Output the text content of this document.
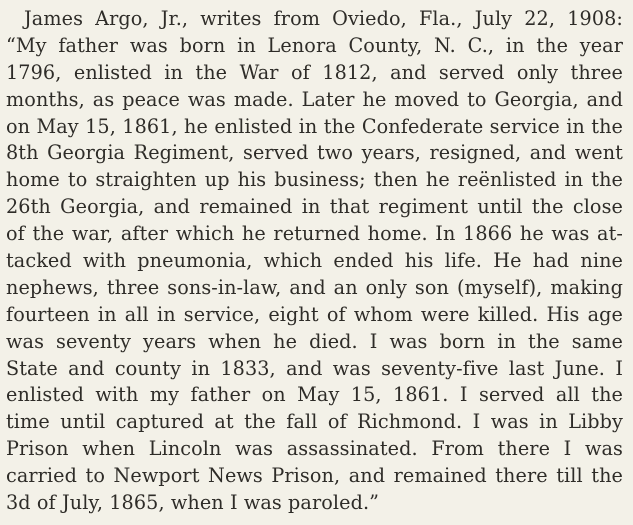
James Argo, Jr., writes from Oviedo, Fla., July 22, 1908:
“My father was born in Lenora County, N. C., in the year
1796, enlisted in the War of 1812, and served only three
months, as peace was made. Later he moved to Georgia, and
on May 15, 1861, he enlisted in the Confederate service in the
8th Georgia Regiment, served two years, resigned, and went
home to straighten up his business; then he reënlisted in the
26th Georgia, and remained in that regiment until the close
of the war, after which he returned home. In 1866 he was at-
tacked with pneumonia, which ended his life. He had nine
nephews, three sons-in-law, and an only son (myself), making
fourteen in all in service, eight of whom were killed. His age
was seventy years when he died. I was born in the same
State and county in 1833, and was seventy-five last June. I
enlisted with my father on May 15, 1861. I served all the
time until captured at the fall of Richmond. I was in Libby
Prison when Lincoln was assassinated. From there I was
carried to Newport News Prison, and remained there till the
3d of July, 1865, when I was paroled.”
